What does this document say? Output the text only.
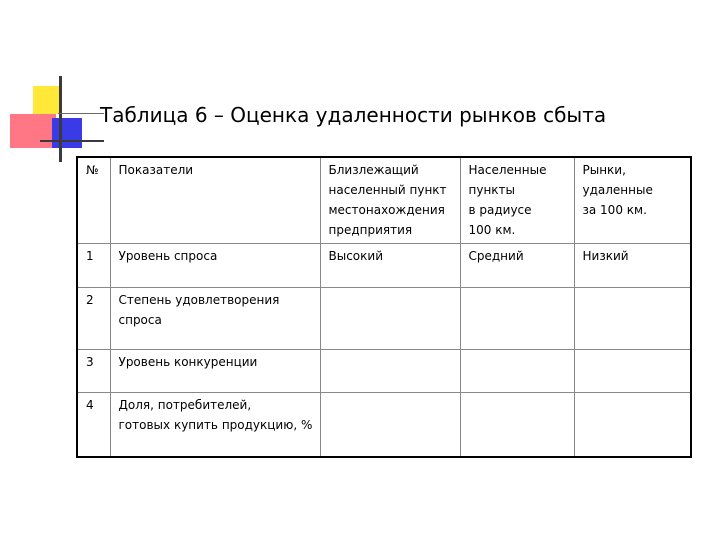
Таблица 6 – Оценка удаленности рынков сбыта
№	Показатели	Близлежащий
населенный пункт
местонахождения
предприятия	Населенные
пункты
в радиусе
100 км.	Рынки,
удаленные
за 100 км.

1	Уровень спроса	Высокий	Средний	Низкий
2	Степень удовлетворения
спроса			

3	Уровень конкуренции			

4	Доля, потребителей,
готовых купить продукцию, %			
